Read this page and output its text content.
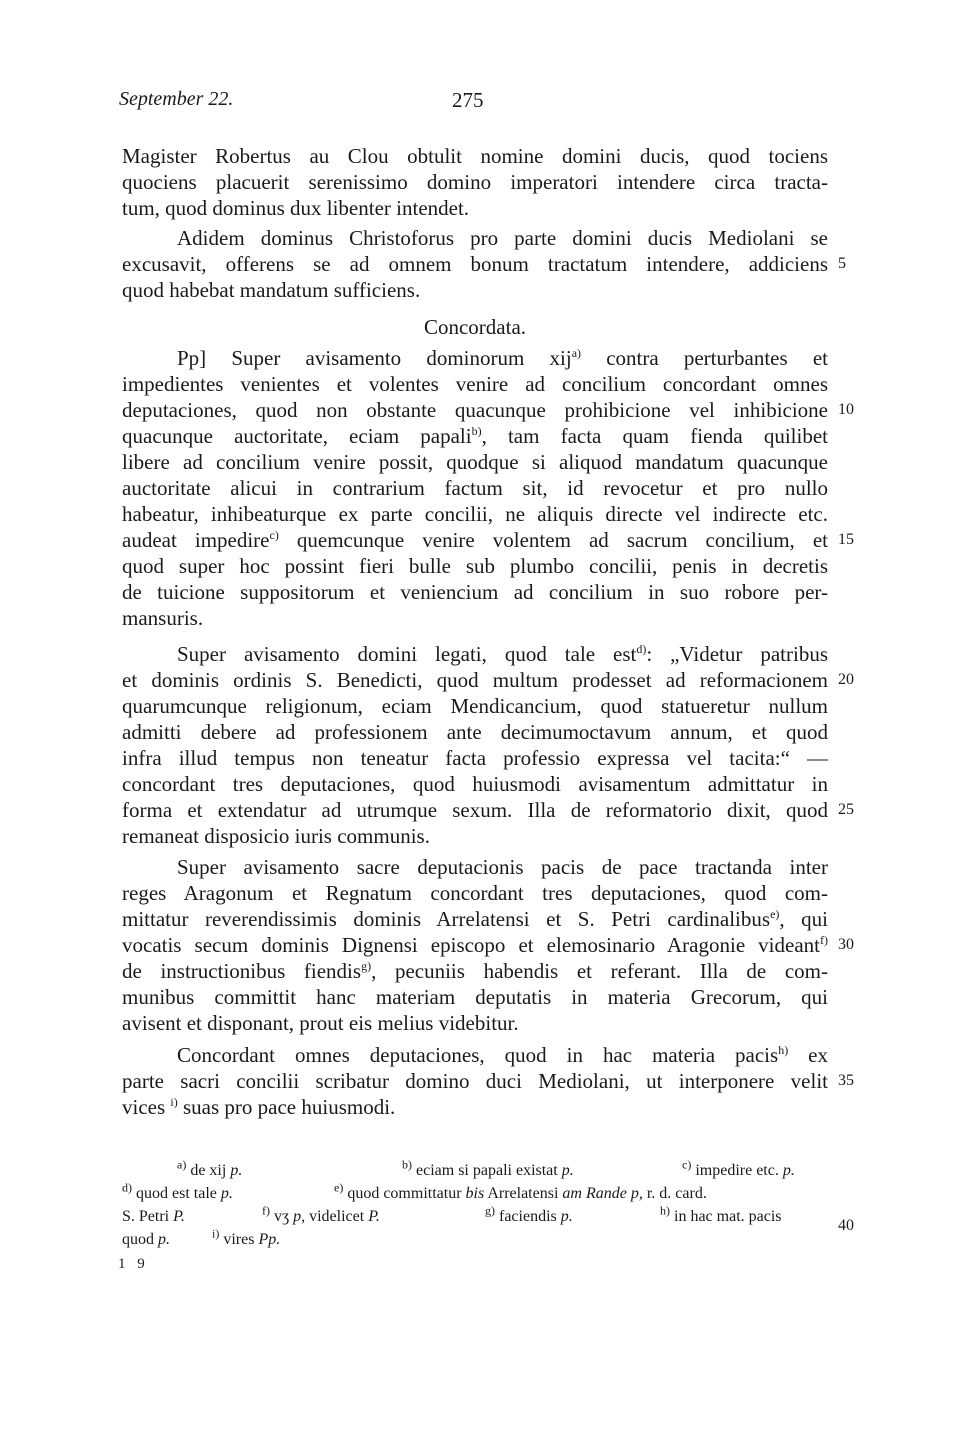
September 22.	275
Magister Robertus au Clou obtulit nomine domini ducis, quod tociens
quociens placuerit serenissimo domino imperatori intendere circa tracta-
tum, quod dominus dux libenter intendet.
Adidem dominus Christoforus pro parte domini ducis Mediolani se
excusavit, offerens se ad omnem bonum tractatum intendere, addiciens
quod habebat mandatum sufficiens.
Concordata.
Pp] Super avisamento dominorum xij$^{a)}$ contra perturbantes et
impedientes venientes et volentes venire ad concilium concordant omnes
deputaciones, quod non obstante quacunque prohibicione vel inhibicione
quacunque auctoritate, eciam papali$^{b)}$, tam facta quam fienda quilibet
libere ad concilium venire possit, quodque si aliquod mandatum quacunque
auctoritate alicui in contrarium factum sit, id revocetur et pro nullo
habeatur, inhibeaturque ex parte concilii, ne aliquis directe vel indirecte etc.
audeat impedire$^{c)}$ quemcunque venire volentem ad sacrum concilium, et
quod super hoc possint fieri bulle sub plumbo concilii, penis in decretis
de tuicione suppositorum et veniencium ad concilium in suo robore per-
mansuris.
Super avisamento domini legati, quod tale est$^{d)}$: „Videtur patribus
et dominis ordinis S. Benedicti, quod multum prodesset ad reformacionem
quarumcunque religionum, eciam Mendicancium, quod statueretur nullum
admitti debere ad professionem ante decimumoctavum annum, et quod
infra illud tempus non teneatur facta professio expressa vel tacita:“ —
concordant tres deputaciones, quod huiusmodi avisamentum admittatur in
forma et extendatur ad utrumque sexum. Illa de reformatorio dixit, quod
remaneat disposicio iuris communis.
Super avisamento sacre deputacionis pacis de pace tractanda inter
reges Aragonum et Regnatum concordant tres deputaciones, quod com-
mittatur reverendissimis dominis Arrelatensi et S. Petri cardinalibus$^{e)}$, qui
vocatis secum dominis Dignensi episcopo et elemosinario Aragonie videant$^{f)}$
de instructionibus fiendis$^{g)}$, pecuniis habendis et referant. Illa de com-
munibus committit hanc materiam deputatis in materia Grecorum, qui
avisent et disponant, prout eis melius videbitur.
Concordant omnes deputaciones, quod in hac materia pacis$^{h)}$ ex
parte sacri concilii scribatur domino duci Mediolani, ut interponere velit
vices $^{i)}$ suas pro pace huiusmodi.
5
10
15
20
25
30
35
40
$^{a)}$ de xij p.	$^{b)}$ eciam si papali existat p.	$^{c)}$ impedire etc. p.
$^{d)}$ quod est tale p.	$^{e)}$ quod committatur bis Arrelatensi am Rande p, r. d. card.
S. Petri P.	$^{f)}$ vʒ p, videlicet P.	$^{g)}$ faciendis p.	$^{h)}$ in hac mat. pacis
quod p.	$^{i)}$ vires Pp.
1 9
